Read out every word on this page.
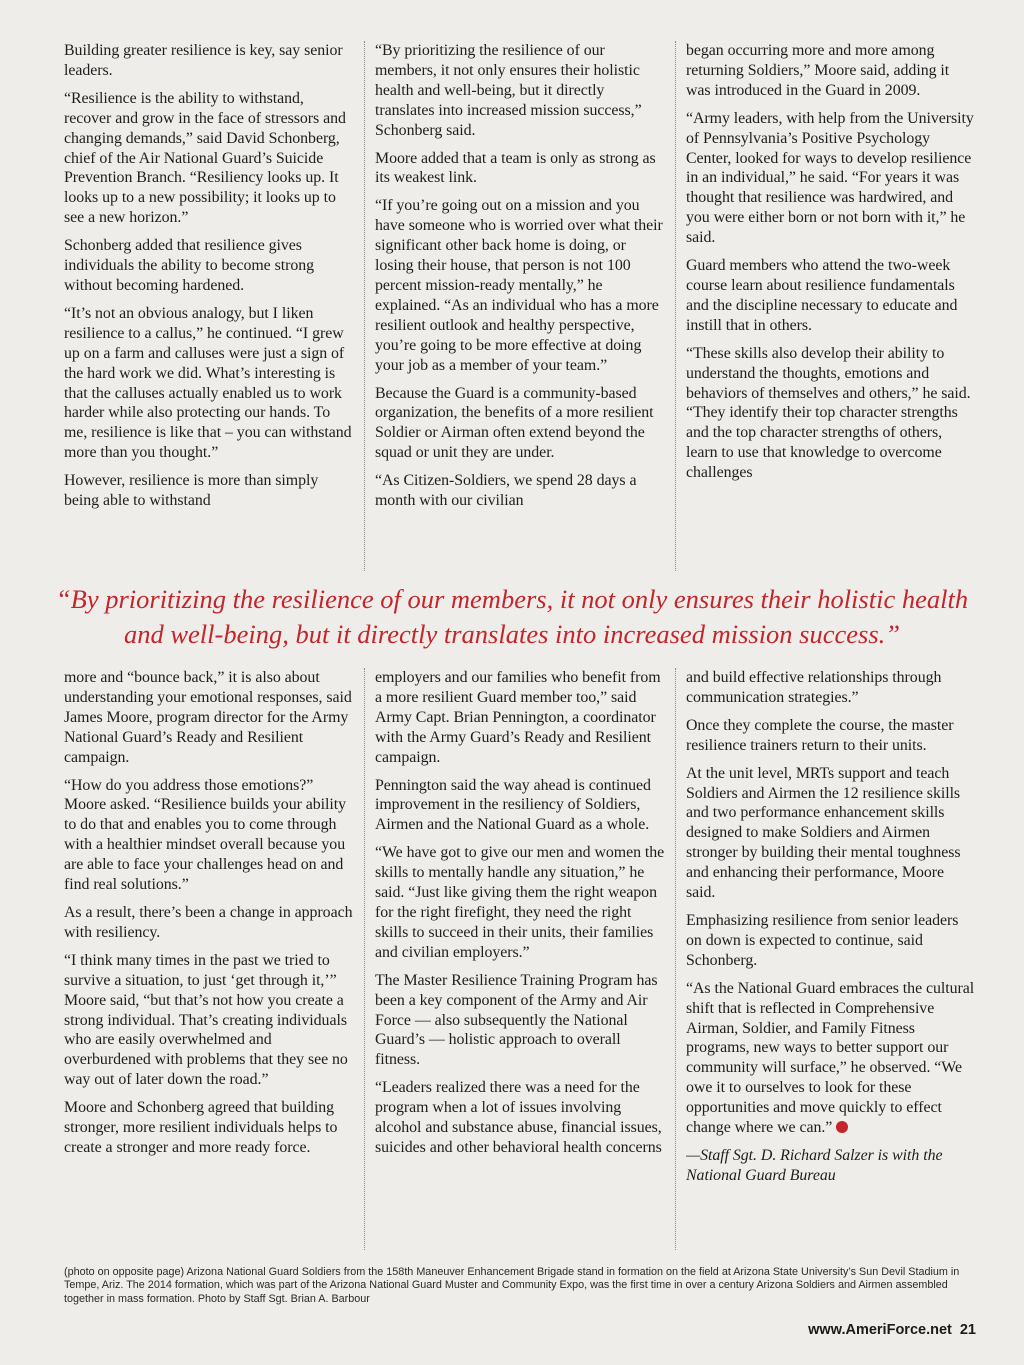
Building greater resilience is key, say senior leaders.

“Resilience is the ability to withstand, recover and grow in the face of stressors and changing demands,” said David Schonberg, chief of the Air National Guard’s Suicide Prevention Branch. “Resiliency looks up. It looks up to a new possibility; it looks up to see a new horizon.”

Schonberg added that resilience gives individuals the ability to become strong without becoming hardened.

“It’s not an obvious analogy, but I liken resilience to a callus,” he continued. “I grew up on a farm and calluses were just a sign of the hard work we did. What’s interesting is that the calluses actually enabled us to work harder while also protecting our hands. To me, resilience is like that – you can withstand more than you thought.”

However, resilience is more than simply being able to withstand

“By prioritizing the resilience of our members, it not only ensures their holistic health and well-being, but it directly translates into increased mission success,” Schonberg said.

Moore added that a team is only as strong as its weakest link.

“If you’re going out on a mission and you have someone who is worried over what their significant other back home is doing, or losing their house, that person is not 100 percent mission-ready mentally,” he explained. “As an individual who has a more resilient outlook and healthy perspective, you’re going to be more effective at doing your job as a member of your team.”

Because the Guard is a community-based organization, the benefits of a more resilient Soldier or Airman often extend beyond the squad or unit they are under.

“As Citizen-Soldiers, we spend 28 days a month with our civilian

began occurring more and more among returning Soldiers,” Moore said, adding it was introduced in the Guard in 2009.

“Army leaders, with help from the University of Pennsylvania’s Positive Psychology Center, looked for ways to develop resilience in an individual,” he said. “For years it was thought that resilience was hardwired, and you were either born or not born with it,” he said.

Guard members who attend the two-week course learn about resilience fundamentals and the discipline necessary to educate and instill that in others.

“These skills also develop their ability to understand the thoughts, emotions and behaviors of themselves and others,” he said. “They identify their top character strengths and the top character strengths of others, learn to use that knowledge to overcome challenges

“By prioritizing the resilience of our members, it not only ensures their holistic health and well-being, but it directly translates into increased mission success.”

more and “bounce back,” it is also about understanding your emotional responses, said James Moore, program director for the Army National Guard’s Ready and Resilient campaign.

“How do you address those emotions?” Moore asked. “Resilience builds your ability to do that and enables you to come through with a healthier mindset overall because you are able to face your challenges head on and find real solutions.”

As a result, there’s been a change in approach with resiliency.

“I think many times in the past we tried to survive a situation, to just ‘get through it,’” Moore said, “but that’s not how you create a strong individual. That’s creating individuals who are easily overwhelmed and overburdened with problems that they see no way out of later down the road.”

Moore and Schonberg agreed that building stronger, more resilient individuals helps to create a stronger and more ready force.

employers and our families who benefit from a more resilient Guard member too,” said Army Capt. Brian Pennington, a coordinator with the Army Guard’s Ready and Resilient campaign.

Pennington said the way ahead is continued improvement in the resiliency of Soldiers, Airmen and the National Guard as a whole.

“We have got to give our men and women the skills to mentally handle any situation,” he said. “Just like giving them the right weapon for the right firefight, they need the right skills to succeed in their units, their families and civilian employers.”

The Master Resilience Training Program has been a key component of the Army and Air Force — also subsequently the National Guard’s — holistic approach to overall fitness.

“Leaders realized there was a need for the program when a lot of issues involving alcohol and substance abuse, financial issues, suicides and other behavioral health concerns

and build effective relationships through communication strategies.”

Once they complete the course, the master resilience trainers return to their units.

At the unit level, MRTs support and teach Soldiers and Airmen the 12 resilience skills and two performance enhancement skills designed to make Soldiers and Airmen stronger by building their mental toughness and enhancing their performance, Moore said.

Emphasizing resilience from senior leaders on down is expected to continue, said Schonberg.

“As the National Guard embraces the cultural shift that is reflected in Comprehensive Airman, Soldier, and Family Fitness programs, new ways to better support our community will surface,” he observed. “We owe it to ourselves to look for these opportunities and move quickly to effect change where we can.”

—Staff Sgt. D. Richard Salzer is with the National Guard Bureau

(photo on opposite page) Arizona National Guard Soldiers from the 158th Maneuver Enhancement Brigade stand in formation on the field at Arizona State University’s Sun Devil Stadium in Tempe, Ariz. The 2014 formation, which was part of the Arizona National Guard Muster and Community Expo, was the first time in over a century Arizona Soldiers and Airmen assembled together in mass formation. Photo by Staff Sgt. Brian A. Barbour
www.AmeriForce.net 21
